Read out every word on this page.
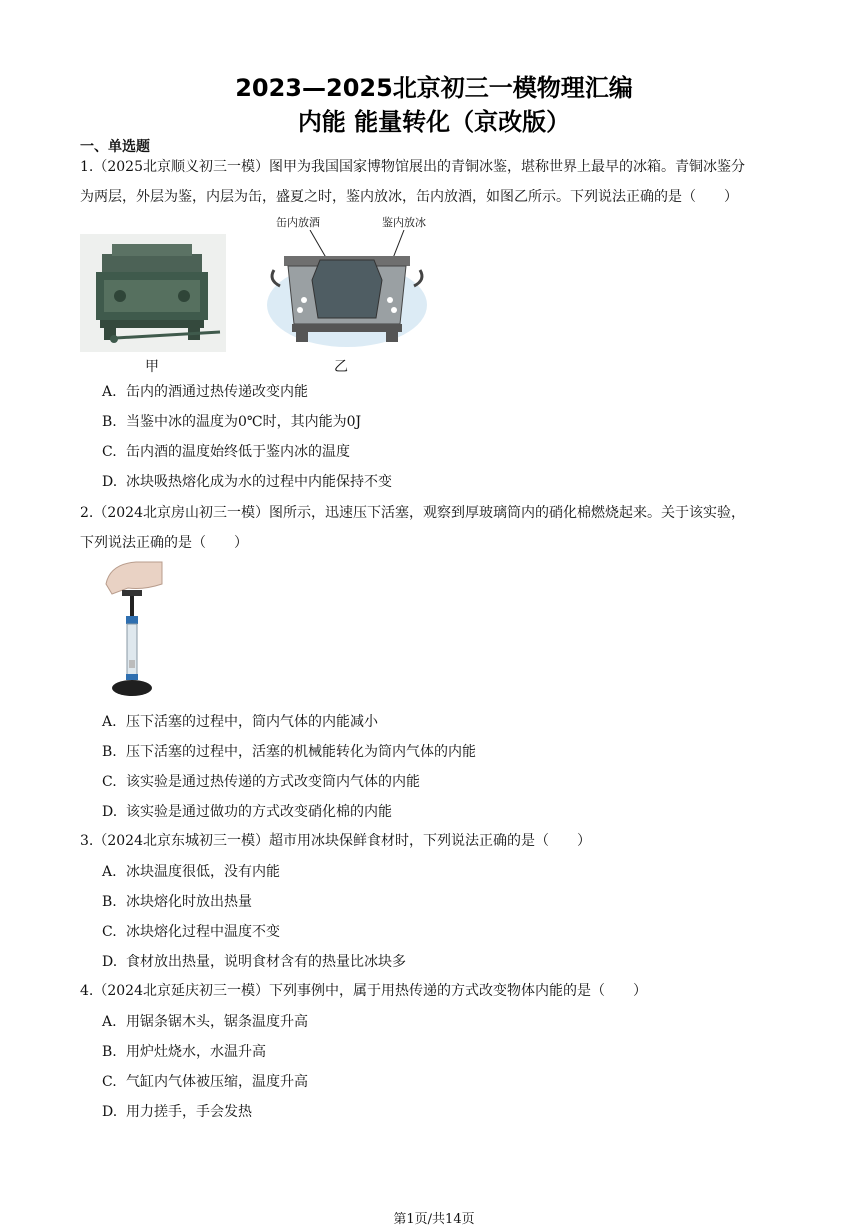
2023—2025北京初三一模物理汇编
内能 能量转化（京改版）
一、单选题
1.（2025北京顺义初三一模）图甲为我国国家博物馆展出的青铜冰鉴，堪称世界上最早的冰箱。青铜冰鉴分
为两层，外层为鉴，内层为缶，盛夏之时，鉴内放冰，缶内放酒，如图乙所示。下列说法正确的是（　　）
甲
缶内放酒	鉴内放冰
乙
A. 缶内的酒通过热传递改变内能
B. 当鉴中冰的温度为0℃时，其内能为0J
C. 缶内酒的温度始终低于鉴内冰的温度
D. 冰块吸热熔化成为水的过程中内能保持不变
2.（2024北京房山初三一模）图所示，迅速压下活塞，观察到厚玻璃筒内的硝化棉燃烧起来。关于该实验，
下列说法正确的是（　　）
A. 压下活塞的过程中，筒内气体的内能减小
B. 压下活塞的过程中，活塞的机械能转化为筒内气体的内能
C. 该实验是通过热传递的方式改变筒内气体的内能
D. 该实验是通过做功的方式改变硝化棉的内能
3.（2024北京东城初三一模）超市用冰块保鲜食材时，下列说法正确的是（　　）
A. 冰块温度很低，没有内能
B. 冰块熔化时放出热量
C. 冰块熔化过程中温度不变
D. 食材放出热量，说明食材含有的热量比冰块多
4.（2024北京延庆初三一模）下列事例中，属于用热传递的方式改变物体内能的是（　　）
A. 用锯条锯木头，锯条温度升高
B. 用炉灶烧水，水温升高
C. 气缸内气体被压缩，温度升高
D. 用力搓手，手会发热
第1页/共14页
